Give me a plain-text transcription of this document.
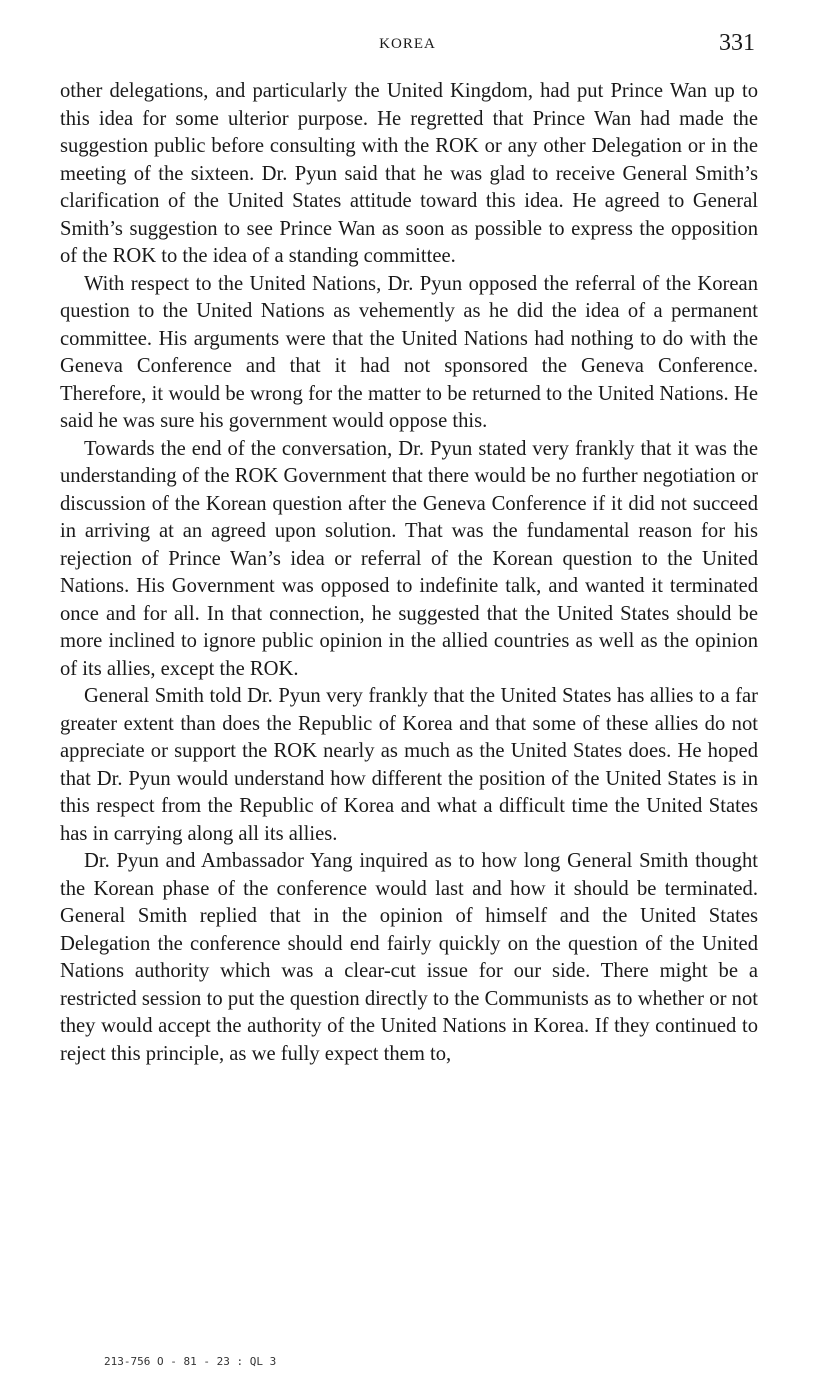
KOREA	331

other delegations, and particularly the United Kingdom, had put Prince Wan up to this idea for some ulterior purpose. He regretted that Prince Wan had made the suggestion public before consulting with the ROK or any other Delegation or in the meeting of the sixteen. Dr. Pyun said that he was glad to receive General Smith’s clarification of the United States attitude toward this idea. He agreed to General Smith’s suggestion to see Prince Wan as soon as possible to express the opposition of the ROK to the idea of a standing committee.

With respect to the United Nations, Dr. Pyun opposed the referral of the Korean question to the United Nations as vehemently as he did the idea of a permanent committee. His arguments were that the United Nations had nothing to do with the Geneva Conference and that it had not sponsored the Geneva Conference. Therefore, it would be wrong for the matter to be returned to the United Nations. He said he was sure his government would oppose this.

Towards the end of the conversation, Dr. Pyun stated very frankly that it was the understanding of the ROK Government that there would be no further negotiation or discussion of the Korean question after the Geneva Conference if it did not succeed in arriving at an agreed upon solution. That was the fundamental reason for his rejection of Prince Wan’s idea or referral of the Korean question to the United Nations. His Government was opposed to indefinite talk, and wanted it terminated once and for all. In that connection, he suggested that the United States should be more inclined to ignore public opinion in the allied countries as well as the opinion of its allies, except the ROK.

General Smith told Dr. Pyun very frankly that the United States has allies to a far greater extent than does the Republic of Korea and that some of these allies do not appreciate or support the ROK nearly as much as the United States does. He hoped that Dr. Pyun would understand how different the position of the United States is in this respect from the Republic of Korea and what a difficult time the United States has in carrying along all its allies.

Dr. Pyun and Ambassador Yang inquired as to how long General Smith thought the Korean phase of the conference would last and how it should be terminated. General Smith replied that in the opinion of himself and the United States Delegation the conference should end fairly quickly on the question of the United Nations authority which was a clear-cut issue for our side. There might be a restricted session to put the question directly to the Communists as to whether or not they would accept the authority of the United Nations in Korea. If they continued to reject this principle, as we fully expect them to,

213-756 O - 81 - 23 : QL 3
